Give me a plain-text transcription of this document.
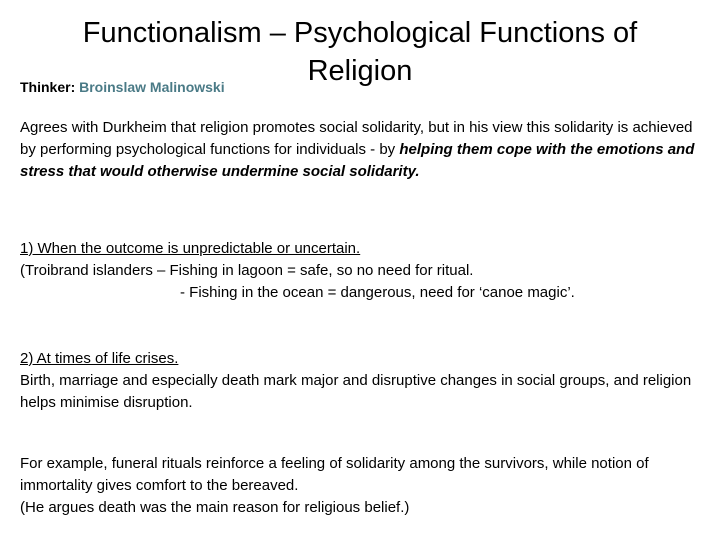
Functionalism – Psychological Functions of Religion
Thinker: Broinslaw Malinowski
Agrees with Durkheim that religion promotes social solidarity, but in his view this solidarity is achieved by performing psychological functions for individuals - by helping them cope with the emotions and stress that would otherwise undermine social solidarity.

1) When the outcome is unpredictable or uncertain.

(Troibrand islanders – Fishing in lagoon = safe, so no need for ritual.

- Fishing in the ocean = dangerous, need for ‘canoe magic’.

2) At times of life crises.

Birth, marriage and especially death mark major and disruptive changes in social groups, and religion helps minimise disruption.

For example, funeral rituals reinforce a feeling of solidarity among the survivors, while notion of immortality gives comfort to the bereaved.

(He argues death was the main reason for religious belief.)
